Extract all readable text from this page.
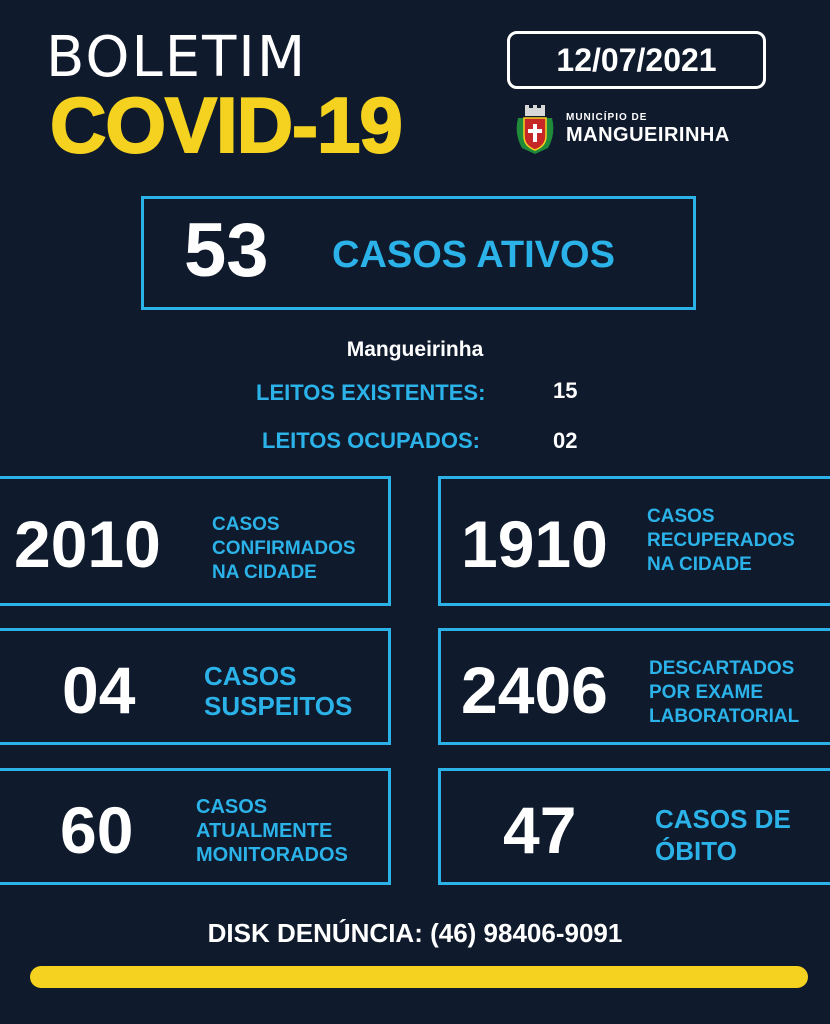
BOLETIM
COVID-19
12/07/2021
MUNICÍPIO DE
MANGUEIRINHA
53 CASOS ATIVOS
Mangueirinha
LEITOS EXISTENTES:	15
LEITOS OCUPADOS:	02
2010	CASOS
CONFIRMADOS
NA CIDADE	1910 CASOS
RECUPERADOS
NA CIDADE
04	CASOS
SUSPEITOS 2406 DESCARTADOS
POR EXAME
LABORATORIAL
60	CASOS
ATUALMENTE
MONITORADOS 47	CASOS DE
ÓBITO
DISK DENÚNCIA: (46) 98406-9091
